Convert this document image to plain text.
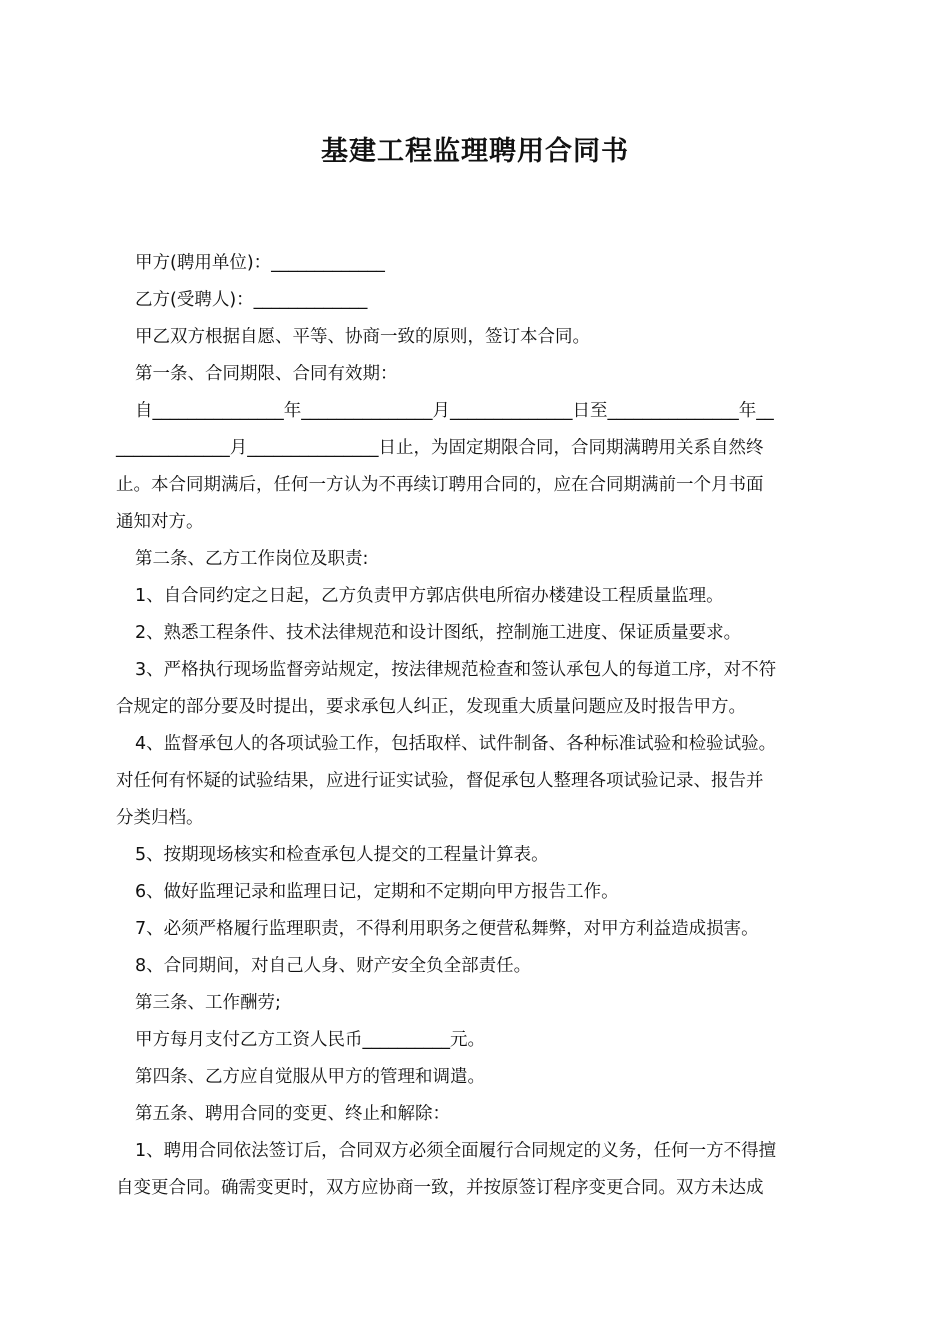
基建工程监理聘用合同书
甲方(聘用单位)：_____________
乙方(受聘人)：_____________
甲乙双方根据自愿、平等、协商一致的原则，签订本合同。
第一条、合同期限、合同有效期：
自_______________年_______________月______________日至_______________年__
_____________月_______________日止，为固定期限合同，合同期满聘用关系自然终
止。本合同期满后，任何一方认为不再续订聘用合同的，应在合同期满前一个月书面
通知对方。
第二条、乙方工作岗位及职责:
1、自合同约定之日起，乙方负责甲方郭店供电所宿办楼建设工程质量监理。
2、熟悉工程条件、技术法律规范和设计图纸，控制施工进度、保证质量要求。
3、严格执行现场监督旁站规定，按法律规范检查和签认承包人的每道工序，对不符
合规定的部分要及时提出，要求承包人纠正，发现重大质量问题应及时报告甲方。
4、监督承包人的各项试验工作，包括取样、试件制备、各种标准试验和检验试验。
对任何有怀疑的试验结果，应进行证实试验，督促承包人整理各项试验记录、报告并
分类归档。
5、按期现场核实和检查承包人提交的工程量计算表。
6、做好监理记录和监理日记，定期和不定期向甲方报告工作。
7、必须严格履行监理职责，不得利用职务之便营私舞弊，对甲方利益造成损害。
8、合同期间，对自己人身、财产安全负全部责任。
第三条、工作酬劳;
甲方每月支付乙方工资人民币__________元。
第四条、乙方应自觉服从甲方的管理和调遣。
第五条、聘用合同的变更、终止和解除：
1、聘用合同依法签订后，合同双方必须全面履行合同规定的义务，任何一方不得擅
自变更合同。确需变更时，双方应协商一致，并按原签订程序变更合同。双方未达成
